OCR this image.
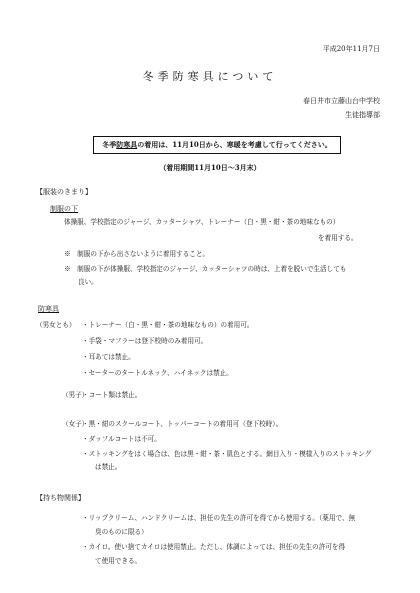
平成20年11月7日
冬季防寒具について
春日井市立藤山台中学校
生徒指導部
冬季防寒具の着用は、11月10日から、寒暖を考慮して行ってください。
（着用期間11月10日～3月末）
【服装のきまり】
制服の下
体操服、学校指定のジャージ、カッターシャツ、トレーナー（白・黒・紺・茶の地味なもの）
を着用する。
※　制服の下から出さないように着用すること。
※　制服の下が体操服、学校指定のジャージ、カッターシャツの時は、上着を脱いで生活しても
良い。
防寒具
（男女とも）	・ トレーナー（白・黒・紺・茶の地味なもの）の着用可。
・ 手袋・マフラーは登下校時のみ着用可。
・ 耳あては禁止。
・ セーターのタートルネック、ハイネックは禁止。
（男子） ・ コート類は禁止。
（女子） ・ 黒・紺のスクールコート、トッパーコートの着用可（登下校時）。
・ ダッフルコートは不可。
・ ストッキングをはく場合は、色は黒・紺・茶・肌色とする。網目入り・模様入りのストッキング
は禁止。
【持ち物関係】
・ リップクリーム、ハンドクリームは、担任の先生の許可を得てから使用する。（薬用で、無
臭のものに限る）
・ カイロ。使い捨てカイロは使用禁止。ただし、体調によっては、担任の先生の許可を得
て使用できる。
